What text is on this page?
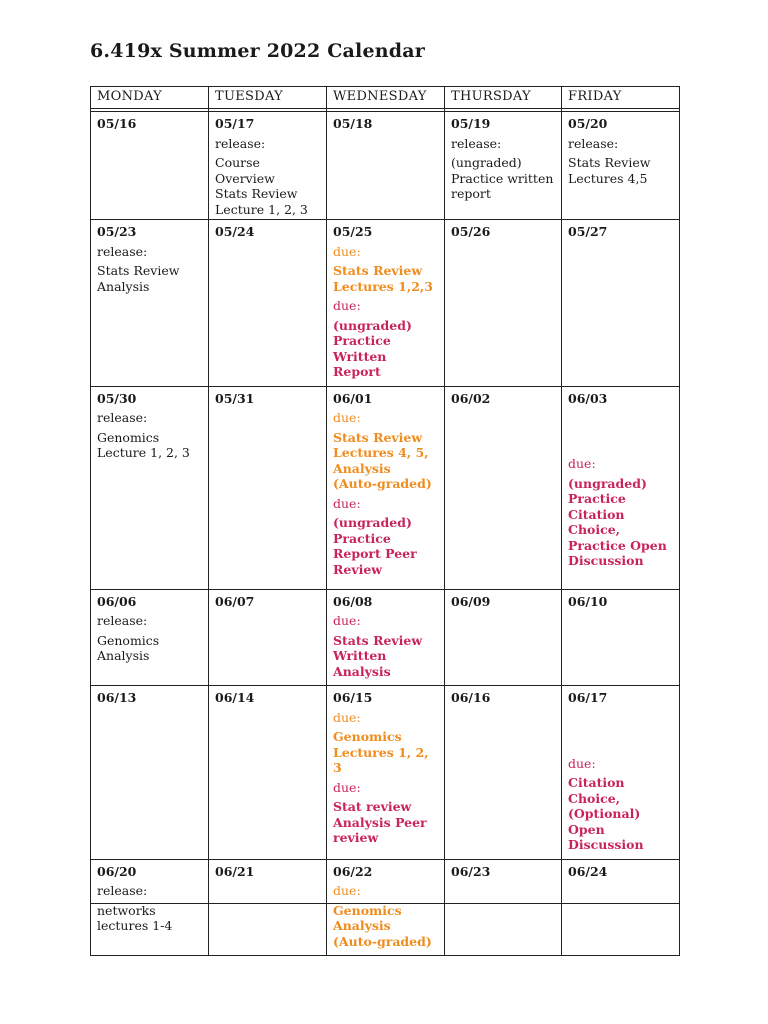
6.419x Summer 2022 Calendar
MONDAY	TUESDAY	WEDNESDAY	THURSDAY	FRIDAY

05/16	05/17
release:
Course Overview
Stats Review
Lecture 1, 2, 3	05/18	05/19
release:
(ungraded)
Practice written
report	05/20
release:
Stats Review
Lectures 4,5

05/23
release:
Stats Review
Analysis	05/24	05/25
due:
Stats Review Lectures 1,2,3
due:
(ungraded) Practice Written Report	05/26	05/27

05/30
release:
Genomics
Lecture 1, 2, 3	05/31	06/01
due:
Stats Review Lectures 4, 5, Analysis (Auto-graded)
due:
(ungraded) Practice Report Peer Review	06/02	06/03
due:
(ungraded) Practice Citation Choice, Practice Open Discussion

06/06
release:
Genomics
Analysis	06/07	06/08
due:
Stats Review Written Analysis	06/09	06/10

06/13	06/14	06/15
due:
Genomics Lectures 1, 2, 3
due:
Stat review Analysis Peer review	06/16	06/17
due:
Citation Choice, (Optional) Open Discussion

06/20
release:
networks
lectures 1-4	06/21	06/22
due:
Genomics Analysis (Auto-graded)	06/23	06/24
